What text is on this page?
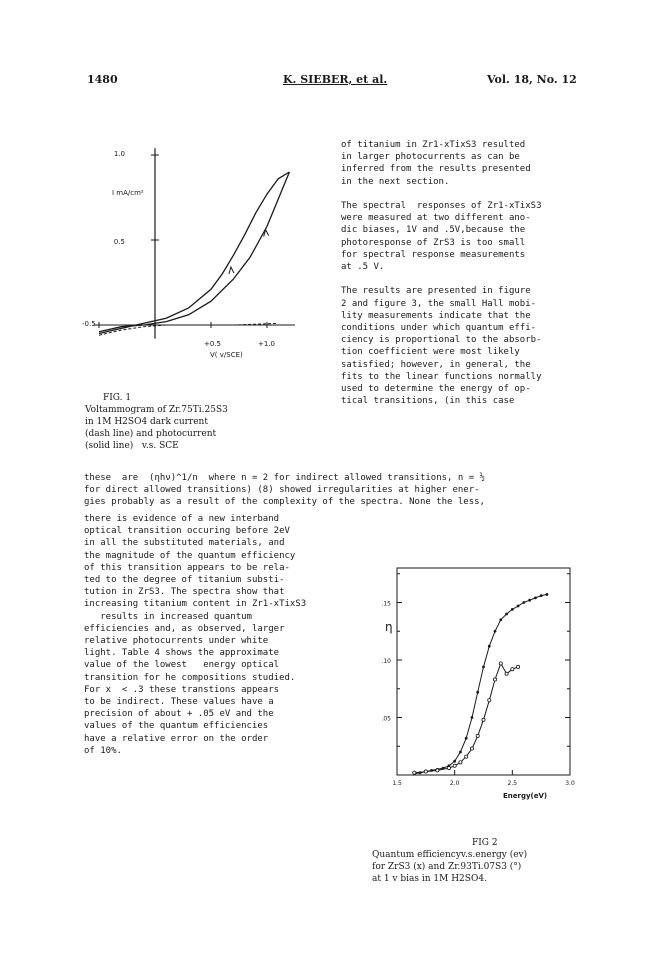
1480	K. SIEBER, et al.	Vol. 18, No. 12
1.0
0.5
-0.5
+0.5	+1.0
I mA/cm²
V( v/SCE)

FIG. 1
Voltammogram of Zr.75Ti.25S3
in 1M H2SO4 dark current
(dash line) and photocurrent
(solid line)   v.s. SCE

of titanium in Zr1-xTixS3 resulted
in larger photocurrents as can be
inferred from the results presented
in the next section.
The spectral  responses of Zr1-xTixS3
were measured at two different ano-
dic biases, 1V and .5V,because the
photoresponse of ZrS3 is too small
for spectral response measurements
at .5 V.
The results are presented in figure
2 and figure 3, the small Hall mobi-
lity measurements indicate that the
conditions under which quantum effi-
ciency is proportional to the absorb-
tion coefficient were most likely
satisfied; however, in general, the
fits to the linear functions normally
used to determine the energy of op-
tical transitions, (in this case
these  are  (ηhν)^1/n  where n = 2 for indirect allowed transitions, n = ½
for direct allowed transitions) (8) showed irregularities at higher ener-
gies probably as a result of the complexity of the spectra. None the less,
there is evidence of a new interband
optical transition occuring before 2eV
in all the substituted materials, and
the magnitude of the quantum efficiency
of this transition appears to be rela-
ted to the degree of titanium substi-
tution in ZrS3. The spectra show that
increasing titanium content in Zr1-xTixS3
results in increased quantum
efficiencies and, as observed, larger
relative photocurrents under white
light. Table 4 shows the approximate
value of the lowest   energy optical
transition for he compositions studied.
For x  < .3 these transtions appears
to be indirect. These values have a
precision of about + .05 eV and the
values of the quantum efficiencies
have a relative error on the order
of 10%.
.15
.10
.05
1.5	2.0	2.5	3.0
η
Energy(eV)

FIG 2
Quantum efficiencyv.s.energy (ev)
for ZrS3 (x) and Zr.93Ti.07S3 (°)
at 1 v bias in 1M H2SO4.
